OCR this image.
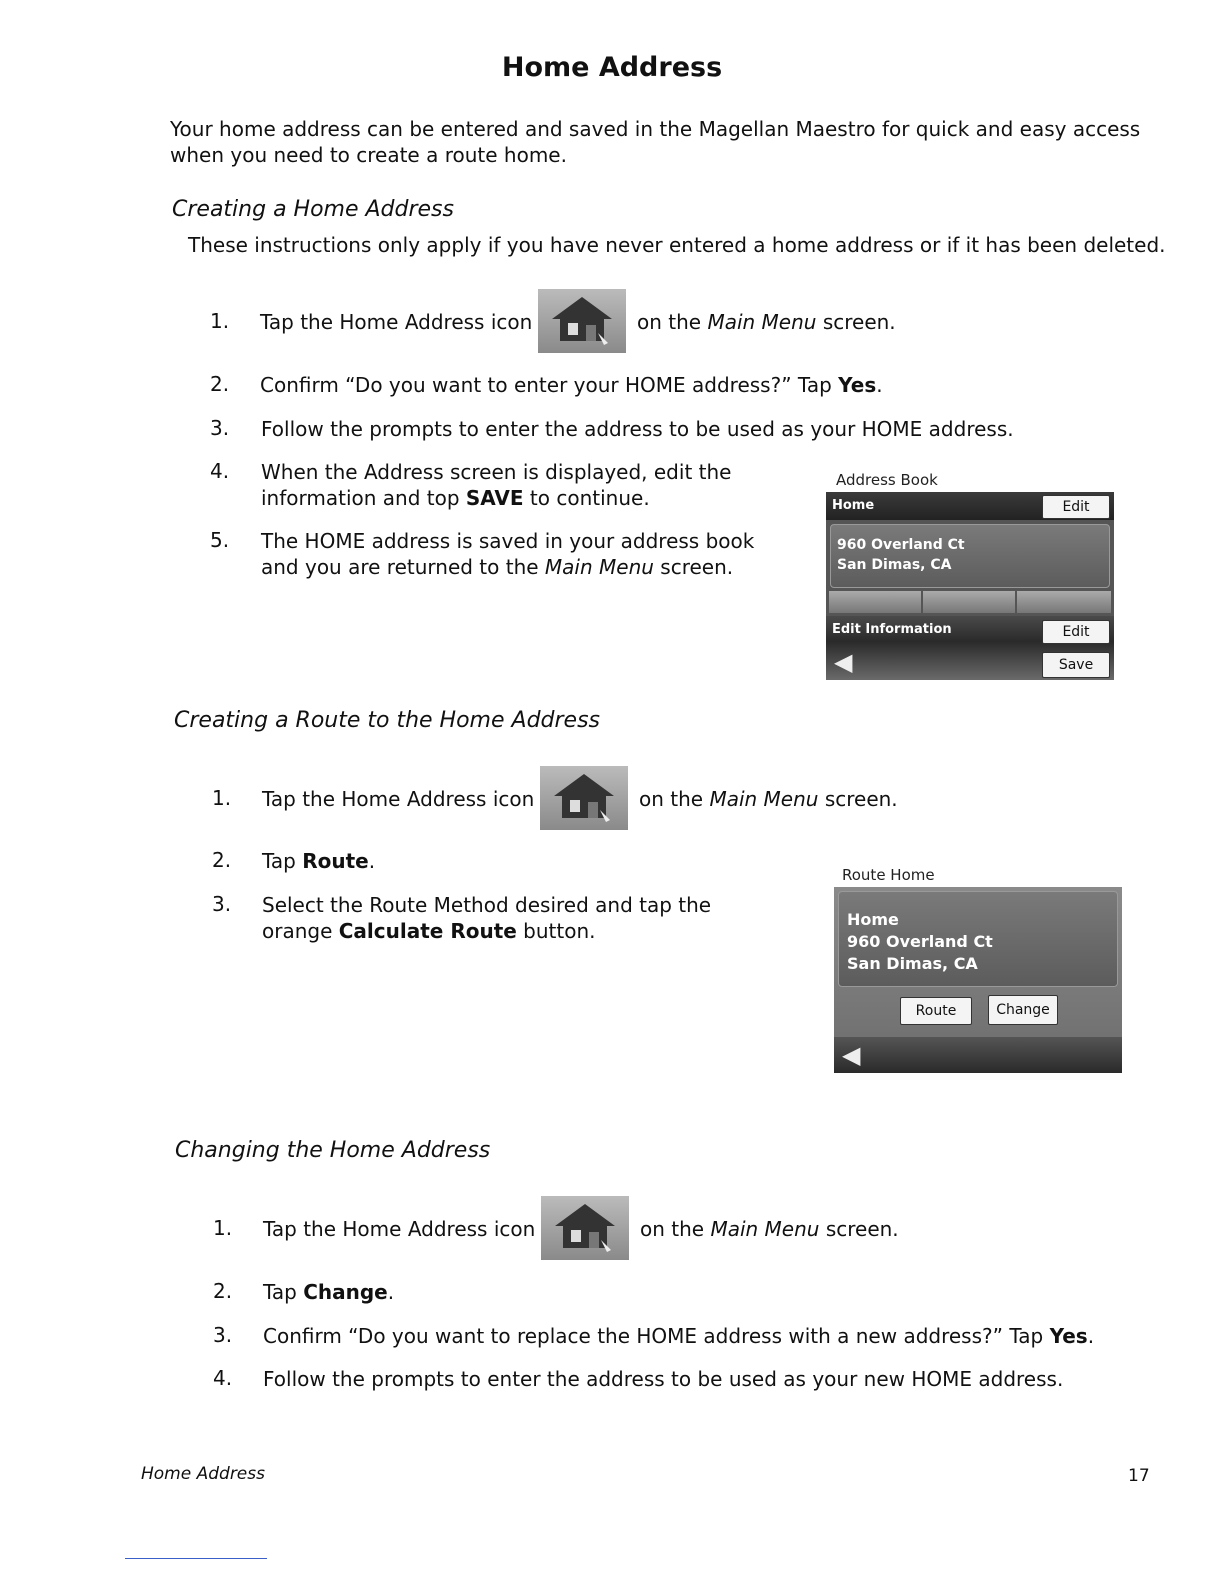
Home Address
Your home address can be entered and saved in the Magellan Maestro for quick and easy access when you need to create a route home.
Creating a Home Address
These instructions only apply if you have never entered a home address or if it has been deleted.
1. Tap the Home Address icon	on the Main Menu screen.
2. Confirm “Do you want to enter your HOME address?” Tap Yes.
3. Follow the prompts to enter the address to be used as your HOME address.
4. When the Address screen is displayed, edit the
information and top SAVE to continue.
5. The HOME address is saved in your address book
and you are returned to the Main Menu screen.
Address Book
Home	Edit
960 Overland Ct
San Dimas, CA
Edit Information
◀
Edit
Save
Creating a Route to the Home Address
1. Tap the Home Address icon	on the Main Menu screen.
2. Tap Route.
3. Select the Route Method desired and tap the
orange Calculate Route button.
Route Home
Home
960 Overland Ct
San Dimas, CA
Route	Change
◀
Changing the Home Address
1. Tap the Home Address icon	on the Main Menu screen.
2. Tap Change.
3. Confirm “Do you want to replace the HOME address with a new address?” Tap Yes.
4. Follow the prompts to enter the address to be used as your new HOME address.
Home Address	17
